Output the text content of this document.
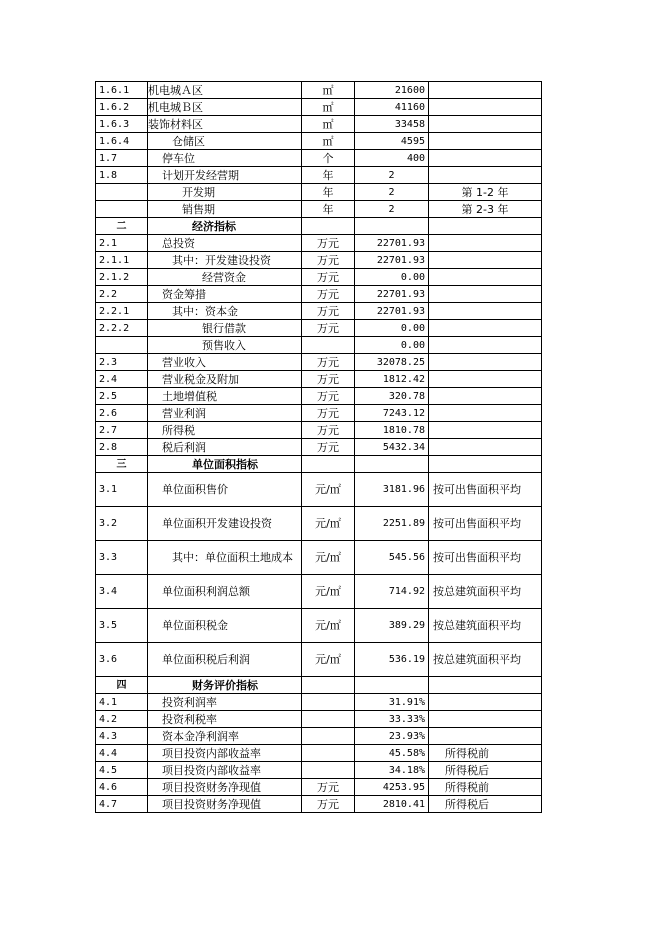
1.6.1	机电城Ａ区	㎡	21600	
1.6.2	机电城Ｂ区	㎡	41160	
1.6.3	装饰材料区	㎡	33458	
1.6.4	仓储区	㎡	4595	
1.7	停车位	个	400	
1.8	计划开发经营期	年	2	
	开发期	年	2	第 1-2 年
	销售期	年	2	第 2-3 年
二	经济指标			
2.1	总投资	万元	22701.93	
2.1.1	其中：开发建设投资	万元	22701.93	
2.1.2	经营资金	万元	0.00	
2.2	资金筹措	万元	22701.93	
2.2.1	其中：资本金	万元	22701.93	
2.2.2	银行借款	万元	0.00	
	预售收入		0.00	
2.3	营业收入	万元	32078.25	
2.4	营业税金及附加	万元	1812.42	
2.5	土地增值税	万元	320.78	
2.6	营业利润	万元	7243.12	
2.7	所得税	万元	1810.78	
2.8	税后利润	万元	5432.34	
三	单位面积指标			
3.1	单位面积售价	元/㎡	3181.96	按可出售面积平均
3.2	单位面积开发建设投资	元/㎡	2251.89	按可出售面积平均
3.3	其中：单位面积土地成本	元/㎡	545.56	按可出售面积平均
3.4	单位面积利润总额	元/㎡	714.92	按总建筑面积平均
3.5	单位面积税金	元/㎡	389.29	按总建筑面积平均
3.6	单位面积税后利润	元/㎡	536.19	按总建筑面积平均
四	财务评价指标			
4.1	投资利润率		31.91%	
4.2	投资利税率		33.33%	
4.3	资本金净利润率		23.93%	
4.4	项目投资内部收益率		45.58%	所得税前
4.5	项目投资内部收益率		34.18%	所得税后
4.6	项目投资财务净现值	万元	4253.95	所得税前
4.7	项目投资财务净现值	万元	2810.41	所得税后
